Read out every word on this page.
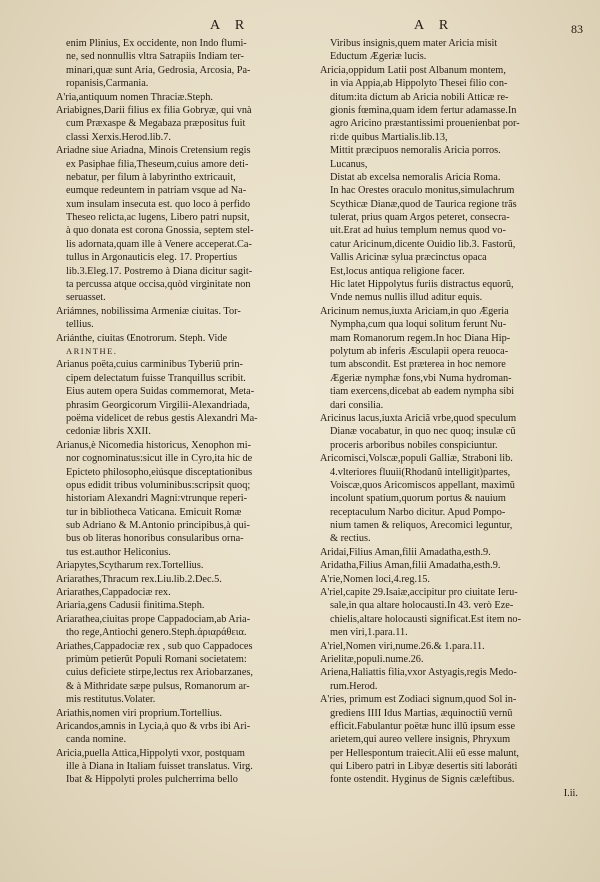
A R	A R	83
enim Plinius, Ex occidente, non Indo flumi-
ne, sed nonnullis vltra Satrapiis Indiam ter-
minari,quæ sunt Aria, Gedrosia, Arcosia, Pa-
ropanisis,Carmania.
A'ria,antiquum nomen Thraciæ.Steph.
Ariabignes,Darii filius ex filia Gobryæ, qui vnà
cum Præxaspe & Megabaza præpositus fuit
classi Xerxis.Herod.lib.7.
Ariadne siue Ariadna, Minois Cretensium regis
ex Pasiphae filia,Theseum,cuius amore deti-
nebatur, per filum à labyrintho extricauit,
eumque redeuntem in patriam vsque ad Na-
xum insulam insecuta est. quo loco à perfido
Theseo relicta,ac lugens, Libero patri nupsit,
à quo donata est corona Gnossia, septem stel-
lis adornata,quam ille à Venere acceperat.Ca-
tullus in Argonauticis eleg. 17. Propertius
lib.3.Eleg.17. Postremo à Diana dicitur sagit-
ta percussa atque occisa,quòd virginitate non
seruasset.
Ariámnes, nobilissima Armeniæ ciuitas. Tor-
tellius.
Ariánthe, ciuitas Œnotrorum. Steph. Vide
ARINTHE.
Arianus poëta,cuius carminibus Tyberiũ prin-
cipem delectatum fuisse Tranquillus scribit.
Eius autem opera Suidas commemorat, Meta-
phrasim Georgicorum Virgilii-Alexandriada,
poëma videlicet de rebus gestis Alexandri Ma-
cedoniæ libris XXII.
Arianus,è Nicomedia historicus, Xenophon mi-
nor cognominatus:sicut ille in Cyro,ita hic de
Epicteto philosopho,eiúsque disceptationibus
opus edidit tribus voluminibus:scripsit quoq;
historiam Alexandri Magni:vtrunque reperi-
tur in bibliotheca Vaticana. Emicuit Romæ
sub Adriano & M.Antonio principibus,à qui-
bus ob literas honoribus consularibus orna-
tus est.author Heliconius.
Ariapytes,Scytharum rex.Tortellius.
Ariarathes,Thracum rex.Liu.lib.2.Dec.5.
Ariarathes,Cappadociæ rex.
Ariaria,gens Cadusii finitima.Steph.
Ariarathea,ciuitas prope Cappadociam,ab Aria-
tho rege,Antiochi genero.Steph.ἀριαράθεια.
Ariathes,Cappadociæ rex , sub quo Cappadoces
primùm petierũt Populi Romani societatem:
cuius deficiete stirpe,lectus rex Ariobarzanes,
& à Mithridate sæpe pulsus, Romanorum ar-
mis restitutus.Volater.
Ariathis,nomen viri proprium.Tortellius.
Aricandos,amnis in Lycia,à quo & vrbs ibi Ari-
canda nomine.
Aricia,puella Attica,Hippolyti vxor, postquam
ille à Diana in Italiam fuisset translatus. Virg.
Ibat & Hippolyti proles pulcherrima bello
Viribus insignis,quem mater Aricia misit
Eductum Ægeriæ lucis.
Aricia,oppidum Latii post Albanum montem,
in via Appia,ab Hippolyto Thesei filio con-
ditum:ita dictum ab Aricia nobili Atticæ re-
gionis fœmina,quam idem fertur adamasse.In
agro Aricino præstantissimi prouenienbat por-
ri:de quibus Martialis.lib.13,
Mittit præcipuos nemoralis Aricia porros.
Lucanus,
Distat ab excelsa nemoralis Aricia Roma.
In hac Orestes oraculo monitus,simulachrum
Scythicæ Dianæ,quod de Taurica regione trãs
tulerat, prius quam Argos peteret, consecra-
uit.Erat ad huius templum nemus quod vo-
catur Aricinum,dicente Ouidio lib.3. Fastorũ,
Vallis Aricinæ sylua præcinctus opaca
Est,locus antiqua religione facer.
Hic latet Hippolytus furiis distractus equorũ,
Vnde nemus nullis illud aditur equis.
Aricinum nemus,iuxta Ariciam,in quo Ægeria
Nympha,cum qua loqui solitum ferunt Nu-
mam Romanorum regem.In hoc Diana Hip-
polytum ab inferis Æsculapii opera reuoca-
tum abscondit. Est præterea in hoc nemore
Ægeriæ nymphæ fons,vbi Numa hydroman-
tiam exercens,dicebat ab eadem nympha sibi
dari consilia.
Aricinus lacus,iuxta Ariciã vrbe,quod speculum
Dianæ vocabatur, in quo nec quoq; insulæ cũ
proceris arboribus nobiles conspiciuntur.
Aricomisci,Volscæ,populi Galliæ, Straboni lib.
4.vlteriores fluuii(Rhodanũ intelligit)partes,
Voiscæ,quos Aricomiscos appellant, maximũ
incolunt spatium,quorum portus & nauium
receptaculum Narbo dicitur. Apud Pompo-
nium tamen & reliquos, Arecomici leguntur,
& rectius.
Aridai,Filius Aman,filii Amadatha,esth.9.
Aridatha,Filius Aman,filii Amadatha,esth.9.
A'rie,Nomen loci,4.reg.15.
A'riel,capite 29.Isaiæ,accipitur pro ciuitate Ieru-
sale,in qua altare holocausti.In 43. verò Eze-
chielis,altare holocausti significat.Est item no-
men viri,1.para.11.
A'riel,Nomen viri,nume.26.& 1.para.11.
Arielitæ,populi.nume.26.
Ariena,Haliattis filia,vxor Astyagis,regis Medo-
rum.Herod.
A'ries, primum est Zodiaci signum,quod Sol in-
grediens IIII Idus Martias, æquinoctiũ vernũ
efficit.Fabulantur poëtæ hunc illũ ipsum esse
arietem,qui aureo vellere insignis, Phryxum
per Hellespontum traiecit.Alii eũ esse malunt,
qui Libero patri in Libyæ desertis siti laboráti
fonte ostendit. Hyginus de Signis cæleftibus.
I.ii.
